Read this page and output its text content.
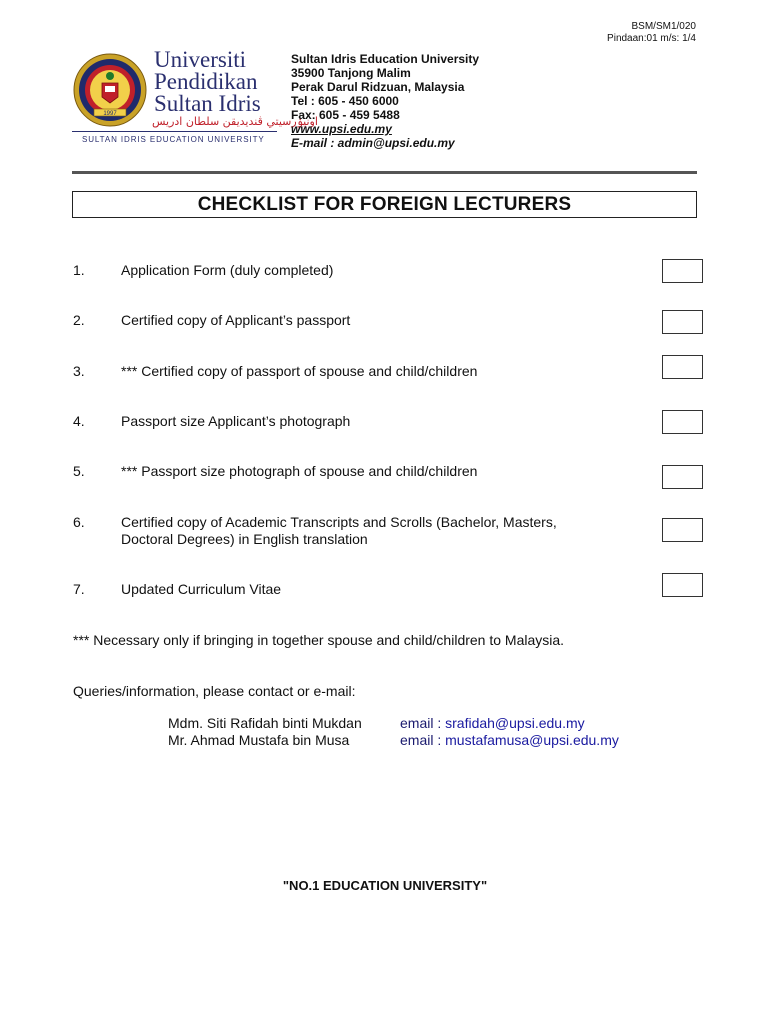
BSM/SM1/020
Pindaan:01 m/s: 1/4
1997
Universiti
Pendidikan
Sultan Idris
اونيۏرسيتي ڤنديديقن سلطان ادريس
SULTAN IDRIS EDUCATION UNIVERSITY
Sultan Idris Education University
35900 Tanjong Malim
Perak Darul Ridzuan, Malaysia
Tel : 605 - 450 6000
Fax: 605 - 459 5488
www.upsi.edu.my
E-mail : admin@upsi.edu.my
CHECKLIST FOR FOREIGN LECTURERS
1.	Application Form (duly completed)
2.	Certified copy of Applicant’s passport
3.	*** Certified copy of passport of spouse and child/children
4.	Passport size Applicant’s photograph
5.	*** Passport size photograph of spouse and child/children
6.	Certified copy of Academic Transcripts and Scrolls (Bachelor, Masters,
Doctoral Degrees) in English translation
7.	Updated Curriculum Vitae
*** Necessary only if bringing in together spouse and child/children to Malaysia.
Queries/information, please contact or e-mail:
Mdm. Siti Rafidah binti Mukdan	email : srafidah@upsi.edu.my
Mr. Ahmad Mustafa bin Musa	email : mustafamusa@upsi.edu.my
"NO.1 EDUCATION UNIVERSITY"
